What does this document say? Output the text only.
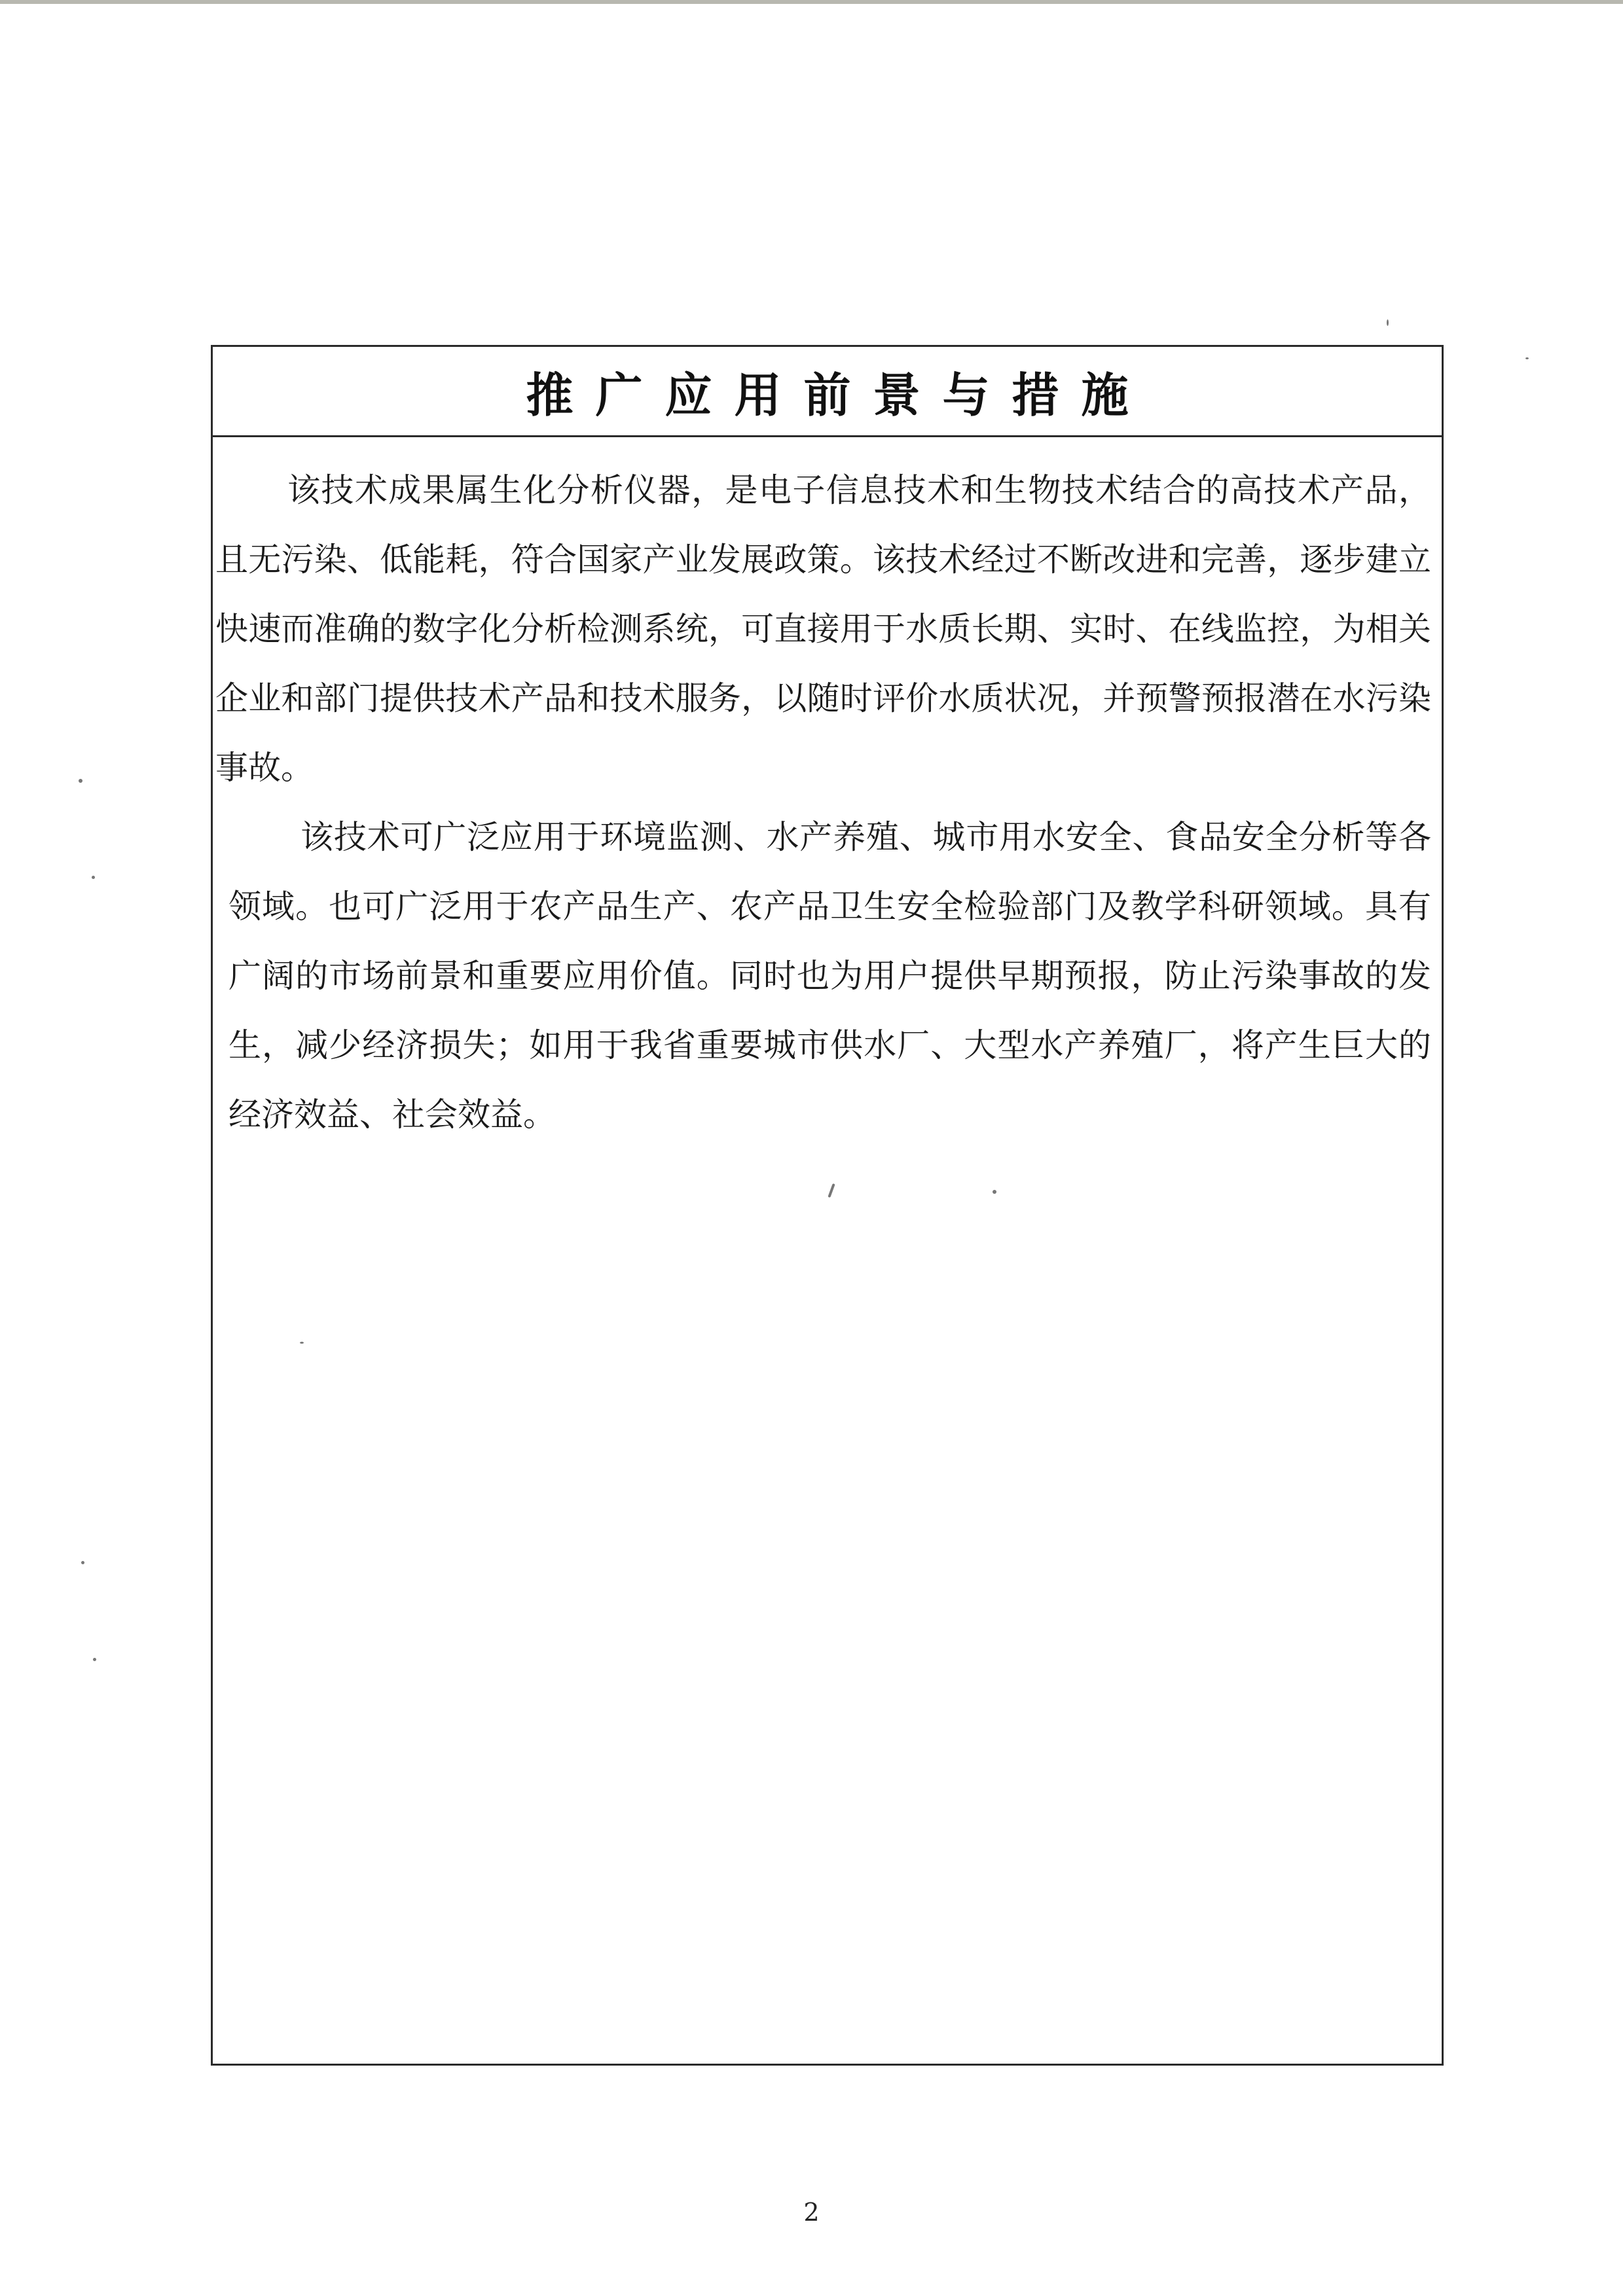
推广应用前景与措施

该技术成果属生化分析仪器，是电子信息技术和生物技术结合的高技术产品，且无污染、低能耗，符合国家产业发展政策。该技术经过不断改进和完善，逐步建立快速而准确的数字化分析检测系统，可直接用于水质长期、实时、在线监控，为相关企业和部门提供技术产品和技术服务，以随时评价水质状况，并预警预报潜在水污染事故。

该技术可广泛应用于环境监测、水产养殖、城市用水安全、食品安全分析等各领域。也可广泛用于农产品生产、农产品卫生安全检验部门及教学科研领域。具有广阔的市场前景和重要应用价值。同时也为用户提供早期预报，防止污染事故的发生，减少经济损失；如用于我省重要城市供水厂、大型水产养殖厂，将产生巨大的经济效益、社会效益。

2
